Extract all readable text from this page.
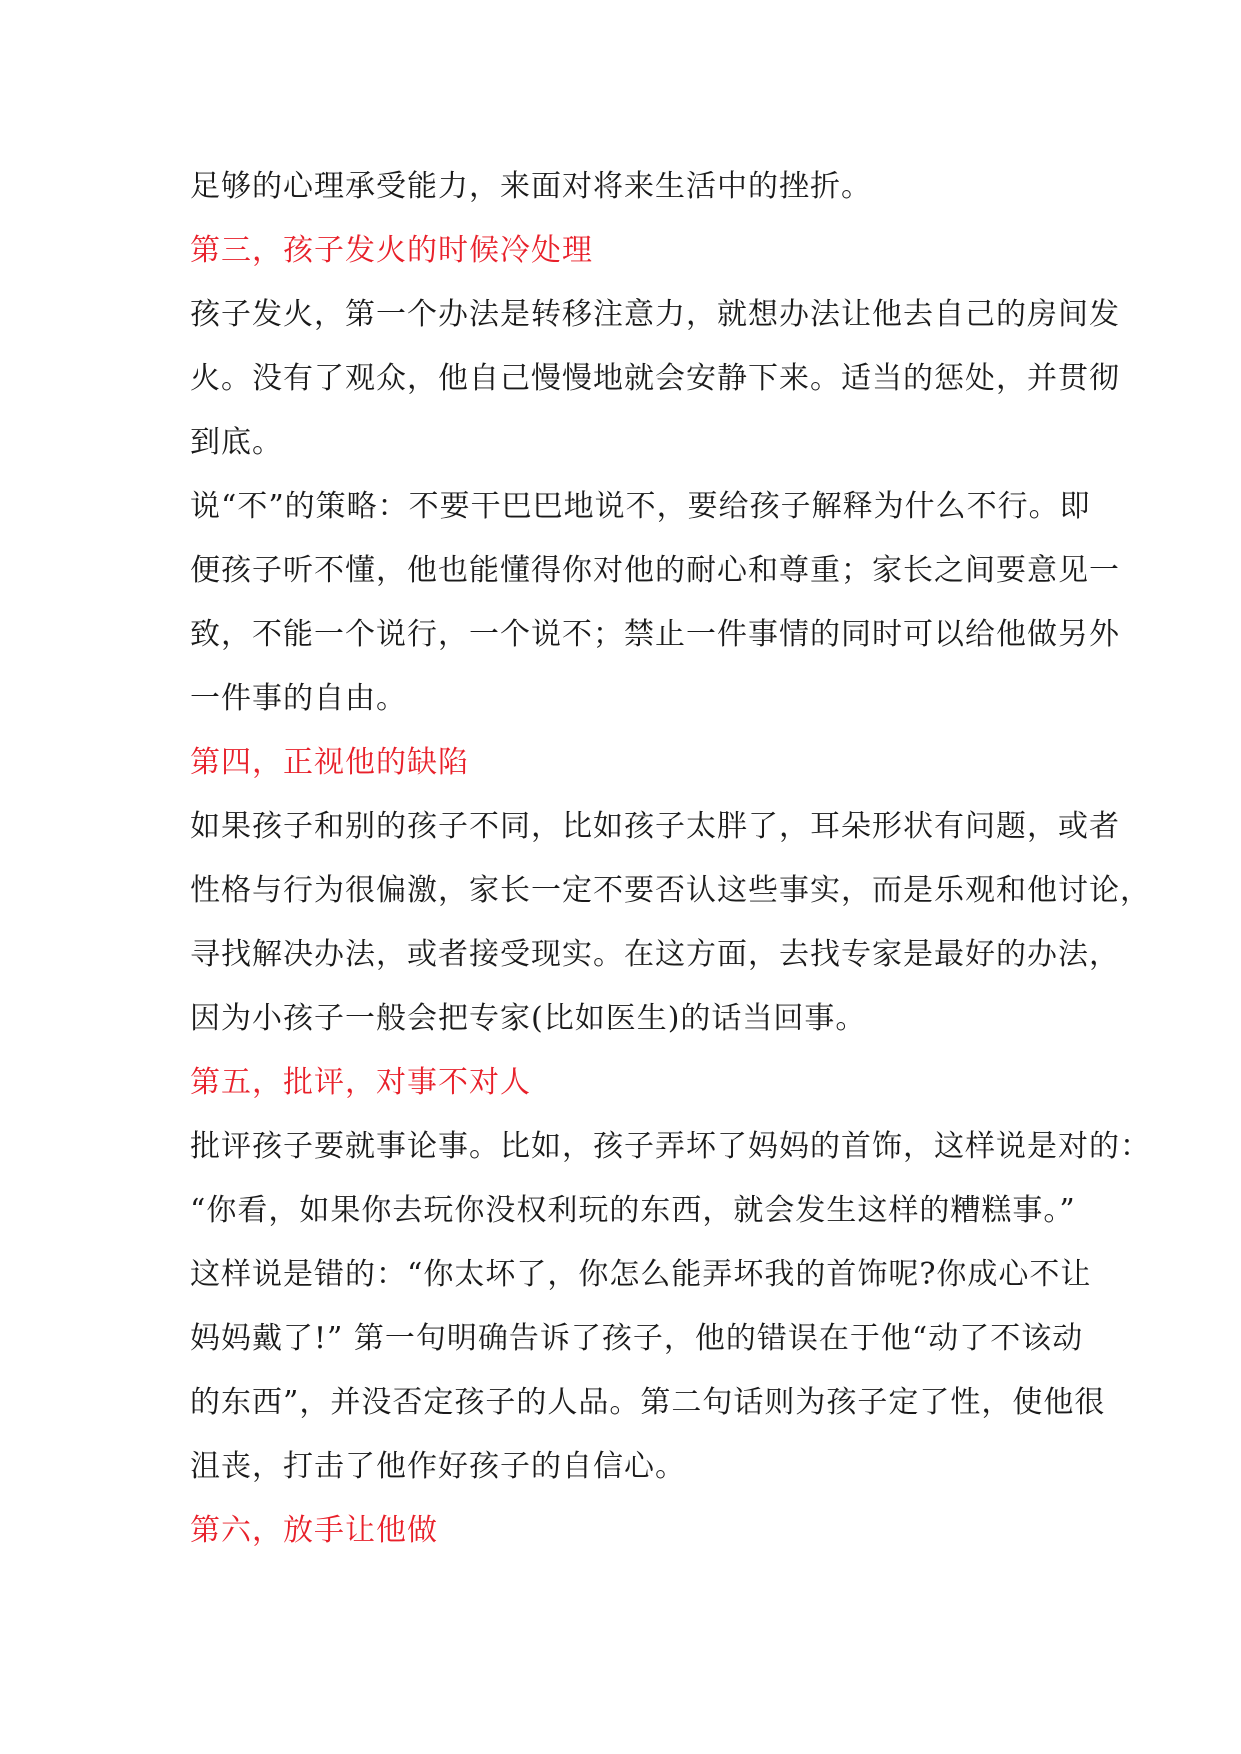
足够的心理承受能力，来面对将来生活中的挫折。

第三，孩子发火的时候冷处理

孩子发火，第一个办法是转移注意力，就想办法让他去自己的房间发
火。没有了观众，他自己慢慢地就会安静下来。适当的惩处，并贯彻
到底。

说“不”的策略：不要干巴巴地说不，要给孩子解释为什么不行。即
便孩子听不懂，他也能懂得你对他的耐心和尊重；家长之间要意见一
致，不能一个说行，一个说不；禁止一件事情的同时可以给他做另外
一件事的自由。

第四，正视他的缺陷

如果孩子和别的孩子不同，比如孩子太胖了，耳朵形状有问题，或者
性格与行为很偏激，家长一定不要否认这些事实，而是乐观和他讨论，
寻找解决办法，或者接受现实。在这方面，去找专家是最好的办法，
因为小孩子一般会把专家(比如医生)的话当回事。

第五，批评，对事不对人

批评孩子要就事论事。比如，孩子弄坏了妈妈的首饰，这样说是对的：
“你看，如果你去玩你没权利玩的东西，就会发生这样的糟糕事。”
这样说是错的：“你太坏了，你怎么能弄坏我的首饰呢?你成心不让
妈妈戴了!” 第一句明确告诉了孩子，他的错误在于他“动了不该动
的东西”，并没否定孩子的人品。第二句话则为孩子定了性，使他很
沮丧，打击了他作好孩子的自信心。

第六，放手让他做
